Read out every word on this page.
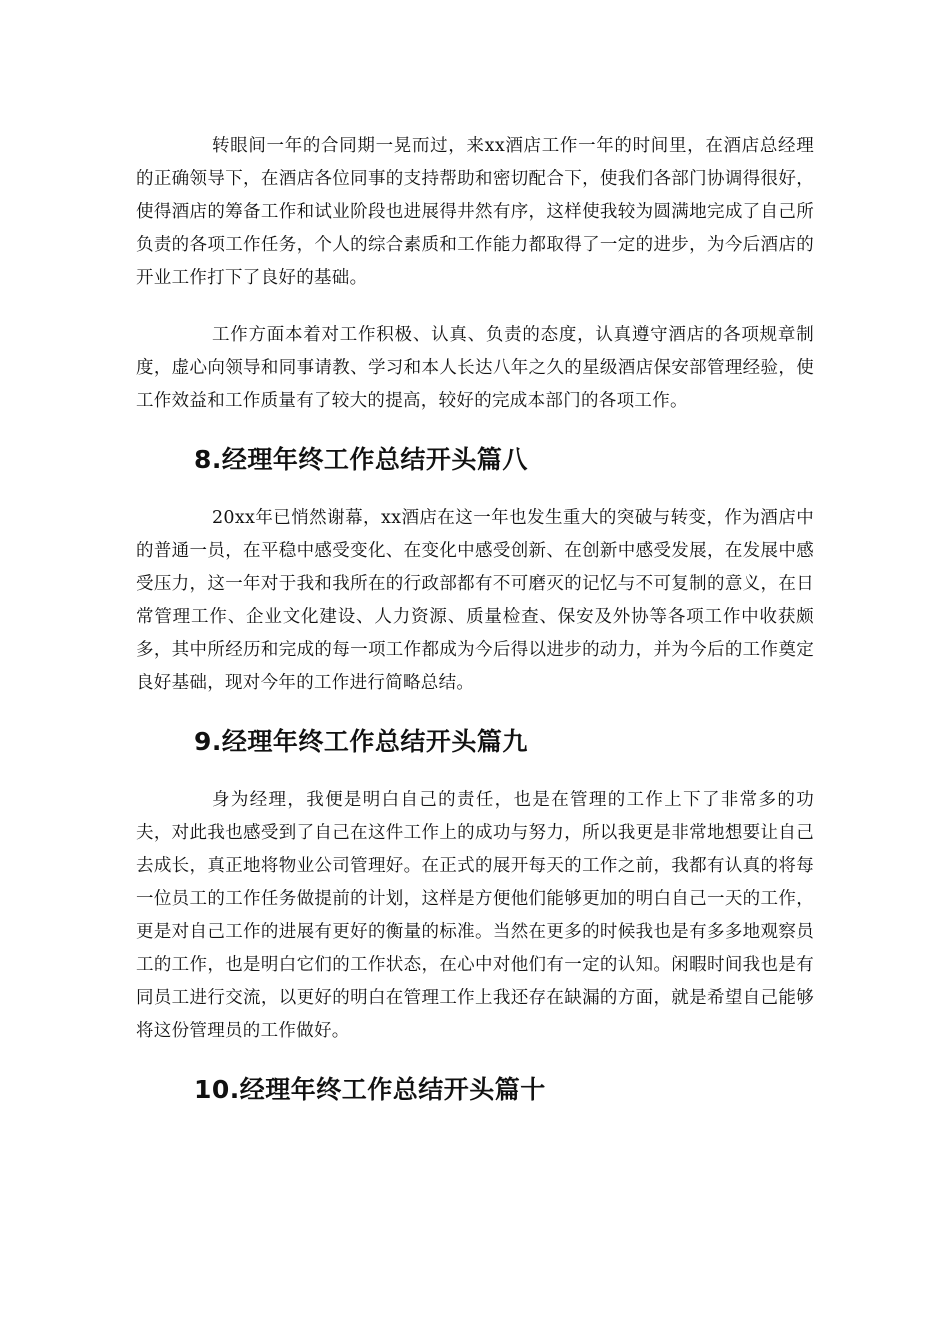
转眼间一年的合同期一晃而过，来xx酒店工作一年的时间里，在酒店总经理的正确领导下，在酒店各位同事的支持帮助和密切配合下，使我们各部门协调得很好，使得酒店的筹备工作和试业阶段也进展得井然有序，这样使我较为圆满地完成了自己所负责的各项工作任务，个人的综合素质和工作能力都取得了一定的进步，为今后酒店的开业工作打下了良好的基础。

工作方面本着对工作积极、认真、负责的态度，认真遵守酒店的各项规章制度，虚心向领导和同事请教、学习和本人长达八年之久的星级酒店保安部管理经验，使工作效益和工作质量有了较大的提高，较好的完成本部门的各项工作。

8.经理年终工作总结开头篇八

20xx年已悄然谢幕，xx酒店在这一年也发生重大的突破与转变，作为酒店中的普通一员，在平稳中感受变化、在变化中感受创新、在创新中感受发展，在发展中感受压力，这一年对于我和我所在的行政部都有不可磨灭的记忆与不可复制的意义，在日常管理工作、企业文化建设、人力资源、质量检查、保安及外协等各项工作中收获颇多，其中所经历和完成的每一项工作都成为今后得以进步的动力，并为今后的工作奠定良好基础，现对今年的工作进行简略总结。

9.经理年终工作总结开头篇九

身为经理，我便是明白自己的责任，也是在管理的工作上下了非常多的功夫，对此我也感受到了自己在这件工作上的成功与努力，所以我更是非常地想要让自己去成长，真正地将物业公司管理好。在正式的展开每天的工作之前，我都有认真的将每一位员工的工作任务做提前的计划，这样是方便他们能够更加的明白自己一天的工作，更是对自己工作的进展有更好的衡量的标准。当然在更多的时候我也是有多多地观察员工的工作，也是明白它们的工作状态，在心中对他们有一定的认知。闲暇时间我也是有同员工进行交流，以更好的明白在管理工作上我还存在缺漏的方面，就是希望自己能够将这份管理员的工作做好。

10.经理年终工作总结开头篇十
